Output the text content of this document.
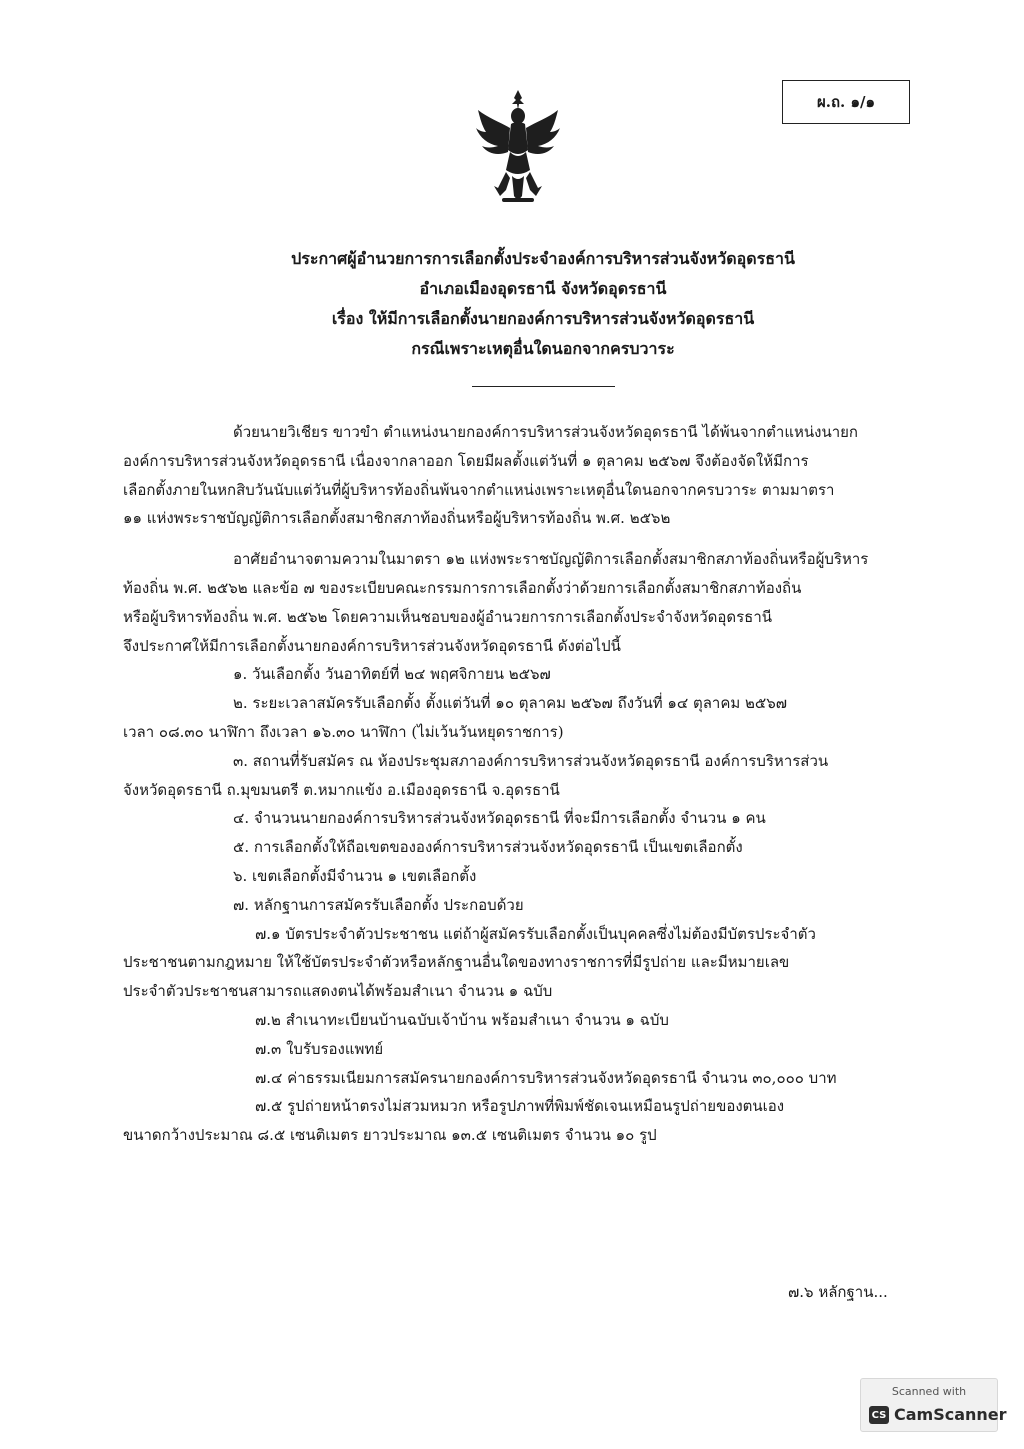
ผ.ถ. ๑/๑
ประกาศผู้อำนวยการการเลือกตั้งประจำองค์การบริหารส่วนจังหวัดอุดรธานี
อำเภอเมืองอุดรธานี จังหวัดอุดรธานี
เรื่อง ให้มีการเลือกตั้งนายกองค์การบริหารส่วนจังหวัดอุดรธานี
กรณีเพราะเหตุอื่นใดนอกจากครบวาระ

ด้วยนายวิเชียร ขาวขำ ตำแหน่งนายกองค์การบริหารส่วนจังหวัดอุดรธานี ได้พ้นจากตำแหน่งนายก

องค์การบริหารส่วนจังหวัดอุดรธานี เนื่องจากลาออก โดยมีผลตั้งแต่วันที่ ๑ ตุลาคม ๒๕๖๗ จึงต้องจัดให้มีการ

เลือกตั้งภายในหกสิบวันนับแต่วันที่ผู้บริหารท้องถิ่นพ้นจากตำแหน่งเพราะเหตุอื่นใดนอกจากครบวาระ ตามมาตรา

๑๑ แห่งพระราชบัญญัติการเลือกตั้งสมาชิกสภาท้องถิ่นหรือผู้บริหารท้องถิ่น พ.ศ. ๒๕๖๒

อาศัยอำนาจตามความในมาตรา ๑๒ แห่งพระราชบัญญัติการเลือกตั้งสมาชิกสภาท้องถิ่นหรือผู้บริหาร

ท้องถิ่น พ.ศ. ๒๕๖๒ และข้อ ๗ ของระเบียบคณะกรรมการการเลือกตั้งว่าด้วยการเลือกตั้งสมาชิกสภาท้องถิ่น

หรือผู้บริหารท้องถิ่น พ.ศ. ๒๕๖๒ โดยความเห็นชอบของผู้อำนวยการการเลือกตั้งประจำจังหวัดอุดรธานี

จึงประกาศให้มีการเลือกตั้งนายกองค์การบริหารส่วนจังหวัดอุดรธานี ดังต่อไปนี้

๑. วันเลือกตั้ง วันอาทิตย์ที่ ๒๔ พฤศจิกายน ๒๕๖๗

๒. ระยะเวลาสมัครรับเลือกตั้ง ตั้งแต่วันที่ ๑๐ ตุลาคม ๒๕๖๗ ถึงวันที่ ๑๔ ตุลาคม ๒๕๖๗

เวลา ๐๘.๓๐ นาฬิกา ถึงเวลา ๑๖.๓๐ นาฬิกา (ไม่เว้นวันหยุดราชการ)

๓. สถานที่รับสมัคร ณ ห้องประชุมสภาองค์การบริหารส่วนจังหวัดอุดรธานี องค์การบริหารส่วน

จังหวัดอุดรธานี ถ.มุขมนตรี ต.หมากแข้ง อ.เมืองอุดรธานี จ.อุดรธานี

๔. จำนวนนายกองค์การบริหารส่วนจังหวัดอุดรธานี ที่จะมีการเลือกตั้ง จำนวน ๑ คน

๕. การเลือกตั้งให้ถือเขตขององค์การบริหารส่วนจังหวัดอุดรธานี เป็นเขตเลือกตั้ง

๖. เขตเลือกตั้งมีจำนวน ๑ เขตเลือกตั้ง

๗. หลักฐานการสมัครรับเลือกตั้ง ประกอบด้วย

๗.๑ บัตรประจำตัวประชาชน แต่ถ้าผู้สมัครรับเลือกตั้งเป็นบุคคลซึ่งไม่ต้องมีบัตรประจำตัว

ประชาชนตามกฎหมาย ให้ใช้บัตรประจำตัวหรือหลักฐานอื่นใดของทางราชการที่มีรูปถ่าย และมีหมายเลข

ประจำตัวประชาชนสามารถแสดงตนได้พร้อมสำเนา จำนวน ๑ ฉบับ

๗.๒ สำเนาทะเบียนบ้านฉบับเจ้าบ้าน พร้อมสำเนา จำนวน ๑ ฉบับ

๗.๓ ใบรับรองแพทย์

๗.๔ ค่าธรรมเนียมการสมัครนายกองค์การบริหารส่วนจังหวัดอุดรธานี จำนวน ๓๐,๐๐๐ บาท

๗.๕ รูปถ่ายหน้าตรงไม่สวมหมวก หรือรูปภาพที่พิมพ์ชัดเจนเหมือนรูปถ่ายของตนเอง

ขนาดกว้างประมาณ ๘.๕ เซนติเมตร ยาวประมาณ ๑๓.๕ เซนติเมตร จำนวน ๑๐ รูป

๗.๖ หลักฐาน...
Scanned with
CS CamScanner
